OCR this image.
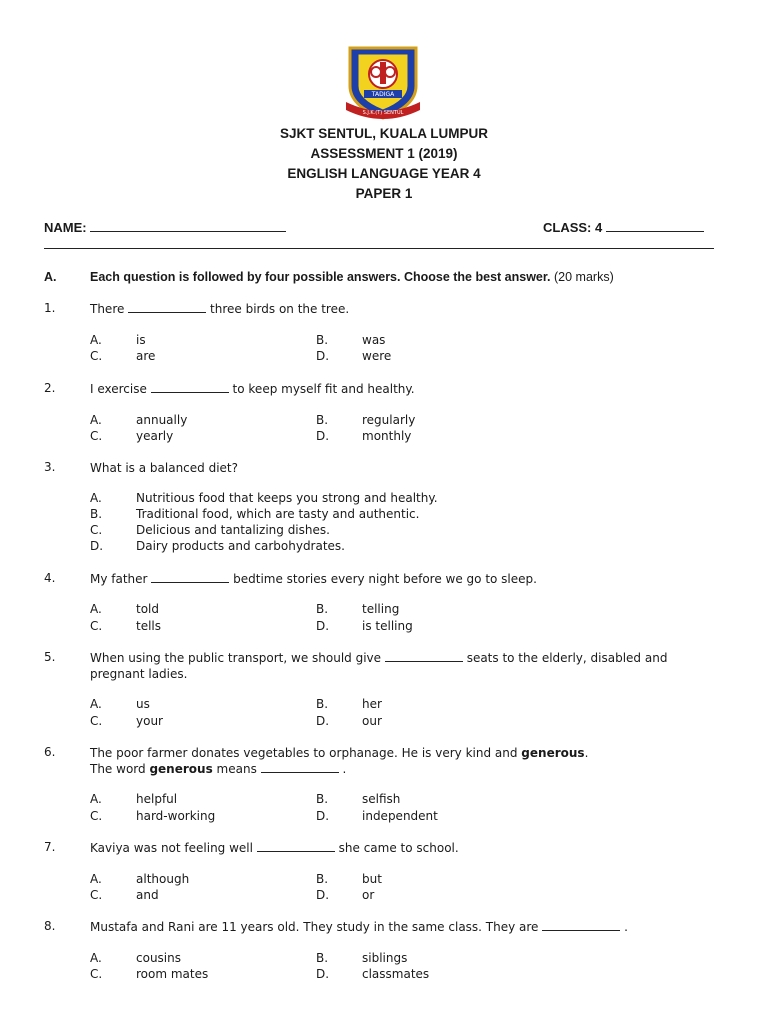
TADIGA
S.J.K.(T) SENTUL
SJKT SENTUL, KUALA LUMPUR
ASSESSMENT 1 (2019)
ENGLISH LANGUAGE YEAR 4
PAPER 1
NAME:	CLASS: 4
A.	Each question is followed by four possible answers. Choose the best answer. (20 marks)
1.	There	three birds on the tree.
A.	is	B.	was
C.	are	D.	were
2.	I exercise	to keep myself fit and healthy.
A.	annually	B.	regularly
C.	yearly	D.	monthly
3.	What is a balanced diet?
A.	Nutritious food that keeps you strong and healthy.
B.	Traditional food, which are tasty and authentic.
C.	Delicious and tantalizing dishes.
D.	Dairy products and carbohydrates.
4.	My father	bedtime stories every night before we go to sleep.
A.	told	B.	telling
C.	tells	D.	is telling
5.	When using the public transport, we should give	seats to the elderly, disabled and
pregnant ladies.
A.	us	B.	her
C.	your	D.	our
6.	The poor farmer donates vegetables to orphanage. He is very kind and generous.
The word generous means	.
A.	helpful	B.	selfish
C.	hard-working	D.	independent
7.	Kaviya was not feeling well	she came to school.
A.	although	B.	but
C.	and	D.	or
8.	Mustafa and Rani are 11 years old. They study in the same class. They are	.
A.	cousins	B.	siblings
C.	room mates	D.	classmates
